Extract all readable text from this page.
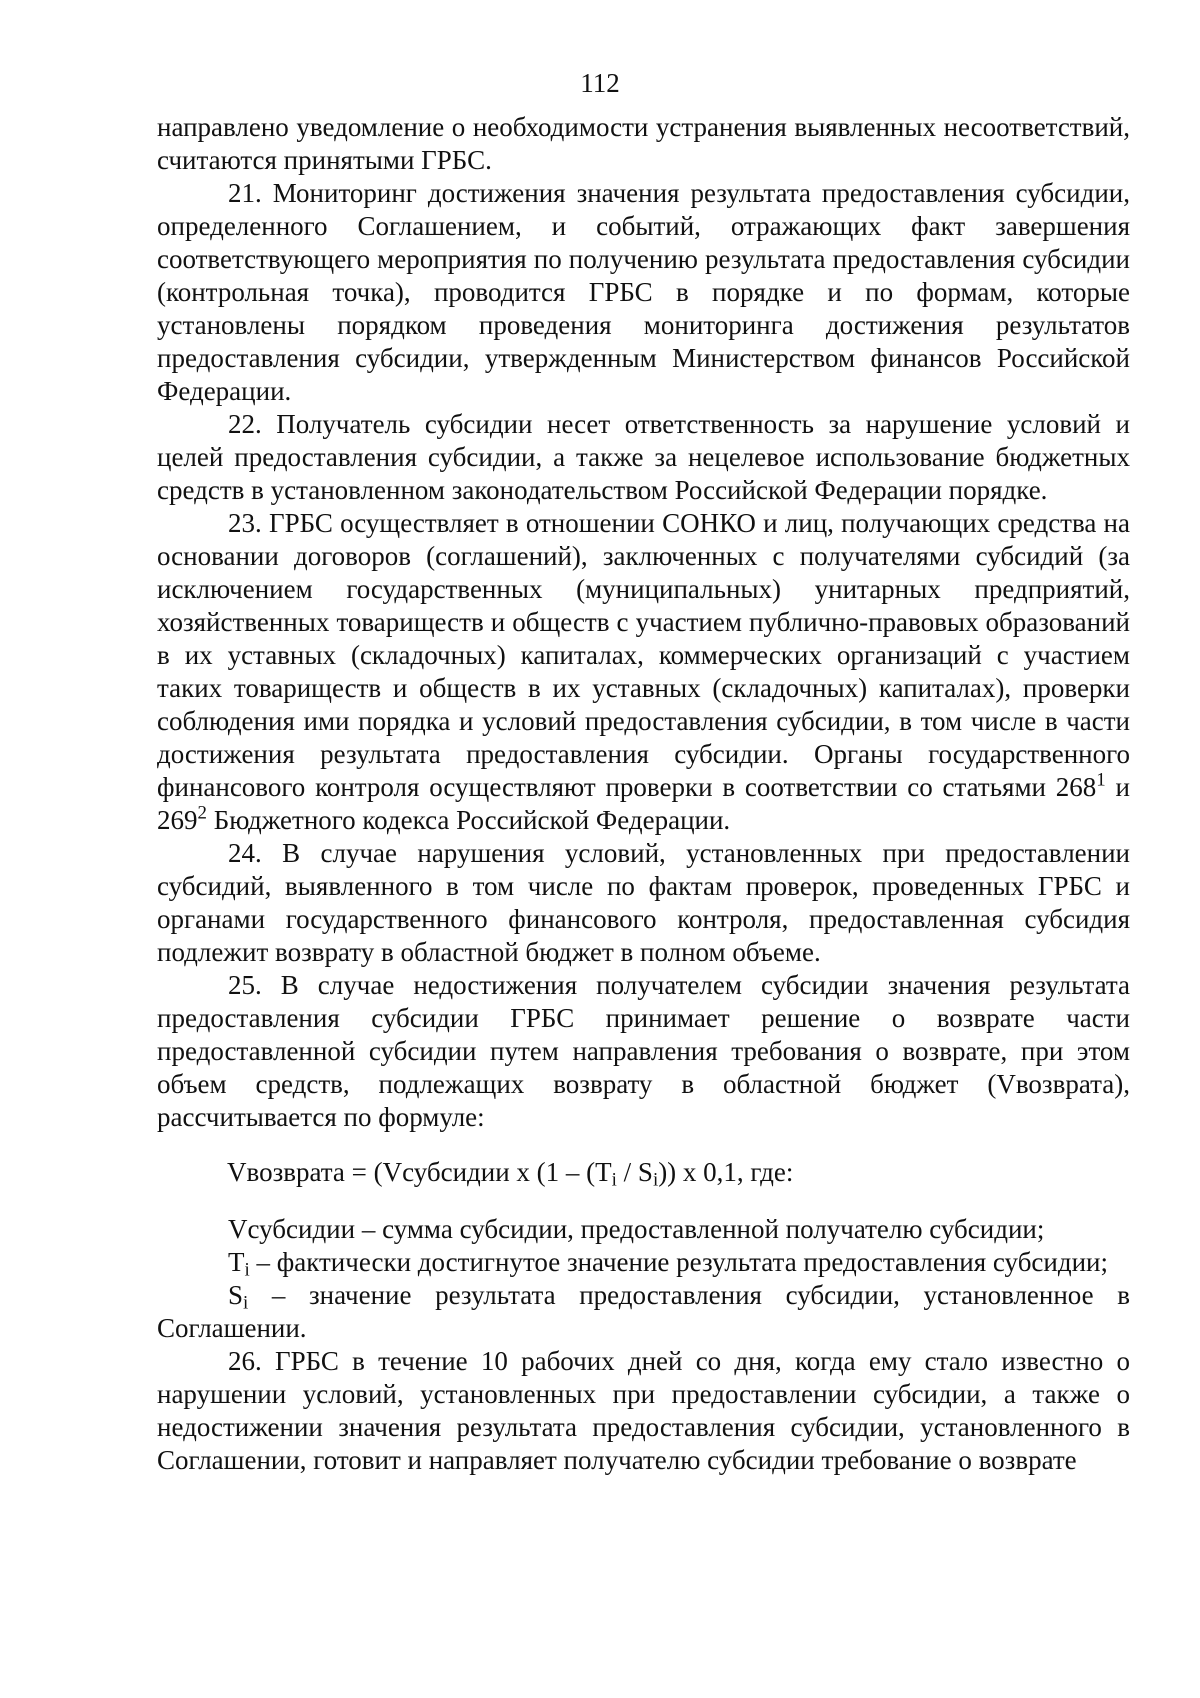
112

направлено уведомление о необходимости устранения выявленных несоответствий, считаются принятыми ГРБС.

21. Мониторинг достижения значения результата предоставления субсидии, определенного Соглашением, и событий, отражающих факт завершения соответствующего мероприятия по получению результата предоставления субсидии (контрольная точка), проводится ГРБС в порядке и по формам, которые установлены порядком проведения мониторинга достижения результатов предоставления субсидии, утвержденным Министерством финансов Российской Федерации.

22. Получатель субсидии несет ответственность за нарушение условий и целей предоставления субсидии, а также за нецелевое использование бюджетных средств в установленном законодательством Российской Федерации порядке.

23. ГРБС осуществляет в отношении СОНКО и лиц, получающих средства на основании договоров (соглашений), заключенных с получателями субсидий (за исключением государственных (муниципальных) унитарных предприятий, хозяйственных товариществ и обществ с участием публично-правовых образований в их уставных (складочных) капиталах, коммерческих организаций с участием таких товариществ и обществ в их уставных (складочных) капиталах), проверки соблюдения ими порядка и условий предоставления субсидии, в том числе в части достижения результата предоставления субсидии. Органы государственного финансового контроля осуществляют проверки в соответствии со статьями $268^1$ и $269^2$ Бюджетного кодекса Российской Федерации.

24. В случае нарушения условий, установленных при предоставлении субсидий, выявленного в том числе по фактам проверок, проведенных ГРБС и органами государственного финансового контроля, предоставленная субсидия подлежит возврату в областной бюджет в полном объеме.

25. В случае недостижения получателем субсидии значения результата предоставления субсидии ГРБС принимает решение о возврате части предоставленной субсидии путем направления требования о возврате, при этом объем средств, подлежащих возврату в областной бюджет (Vвозврата), рассчитывается по формуле:

Vвозврата = (Vсубсидии x $(1 - (T_i / S_i))$ x 0,1, где:

Vсубсидии – сумма субсидии, предоставленной получателю субсидии;

$T_i$ – фактически достигнутое значение результата предоставления субсидии;

$S_i$ – значение результата предоставления субсидии, установленное в Соглашении.

26. ГРБС в течение 10 рабочих дней со дня, когда ему стало известно о нарушении условий, установленных при предоставлении субсидии, а также о недостижении значения результата предоставления субсидии, установленного в Соглашении, готовит и направляет получателю субсидии требование о возврате
